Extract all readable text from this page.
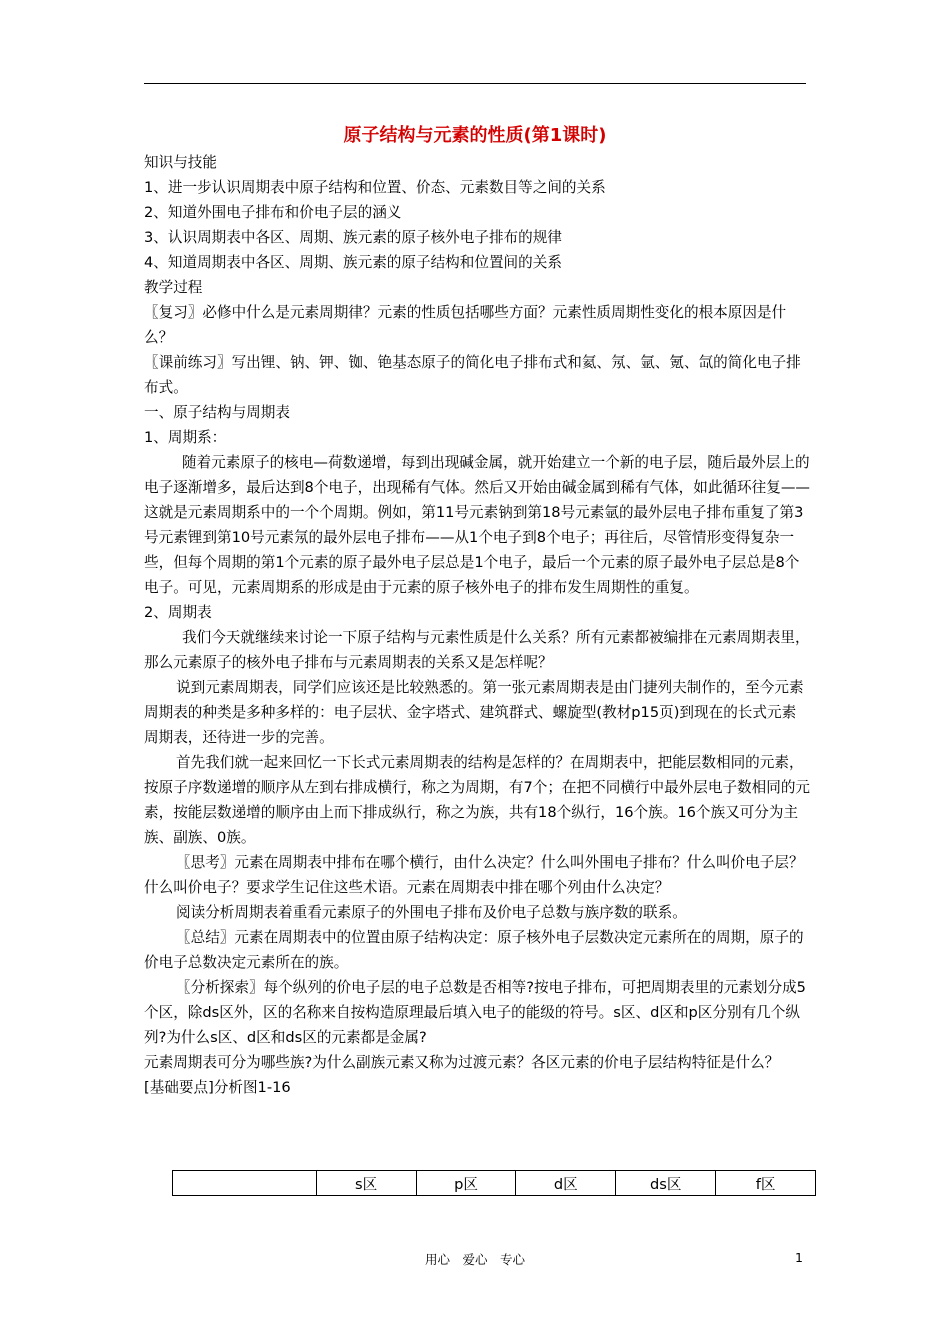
原子结构与元素的性质(第1课时)

知识与技能

1、进一步认识周期表中原子结构和位置、价态、元素数目等之间的关系

2、知道外围电子排布和价电子层的涵义

3、认识周期表中各区、周期、族元素的原子核外电子排布的规律

4、知道周期表中各区、周期、族元素的原子结构和位置间的关系

教学过程

〖复习〗必修中什么是元素周期律？元素的性质包括哪些方面？元素性质周期性变化的根本原因是什么？

〖课前练习〗写出锂、钠、钾、铷、铯基态原子的简化电子排布式和氦、氖、氩、氪、氙的简化电子排布式。

一、原子结构与周期表

1、周期系：

随着元素原子的核电—荷数递增，每到出现碱金属，就开始建立一个新的电子层，随后最外层上的电子逐渐增多，最后达到8个电子，出现稀有气体。然后又开始由碱金属到稀有气体，如此循环往复——这就是元素周期系中的一个个周期。例如，第11号元素钠到第18号元素氩的最外层电子排布重复了第3号元素锂到第10号元素氖的最外层电子排布——从1个电子到8个电子；再往后，尽管情形变得复杂一些，但每个周期的第1个元素的原子最外电子层总是1个电子，最后一个元素的原子最外电子层总是8个电子。可见，元素周期系的形成是由于元素的原子核外电子的排布发生周期性的重复。

2、周期表

我们今天就继续来讨论一下原子结构与元素性质是什么关系？所有元素都被编排在元素周期表里，那么元素原子的核外电子排布与元素周期表的关系又是怎样呢？

说到元素周期表，同学们应该还是比较熟悉的。第一张元素周期表是由门捷列夫制作的，至今元素周期表的种类是多种多样的：电子层状、金字塔式、建筑群式、螺旋型(教材p15页)到现在的长式元素周期表，还待进一步的完善。

首先我们就一起来回忆一下长式元素周期表的结构是怎样的？在周期表中，把能层数相同的元素，按原子序数递增的顺序从左到右排成横行，称之为周期，有7个；在把不同横行中最外层电子数相同的元素，按能层数递增的顺序由上而下排成纵行，称之为族，共有18个纵行，16个族。16个族又可分为主族、副族、0族。

〖思考〗元素在周期表中排布在哪个横行，由什么决定？什么叫外围电子排布？什么叫价电子层？什么叫价电子？要求学生记住这些术语。元素在周期表中排在哪个列由什么决定？

阅读分析周期表着重看元素原子的外围电子排布及价电子总数与族序数的联系。

〖总结〗元素在周期表中的位置由原子结构决定：原子核外电子层数决定元素所在的周期，原子的价电子总数决定元素所在的族。

〖分析探索〗每个纵列的价电子层的电子总数是否相等?按电子排布，可把周期表里的元素划分成5个区，除ds区外，区的名称来自按构造原理最后填入电子的能级的符号。s区、d区和p区分别有几个纵列?为什么s区、d区和ds区的元素都是金属?

元素周期表可分为哪些族?为什么副族元素又称为过渡元素？各区元素的价电子层结构特征是什么？

[基础要点]分析图1-16

	s区	p区	d区	ds区	f区
用心　爱心　专心	1
